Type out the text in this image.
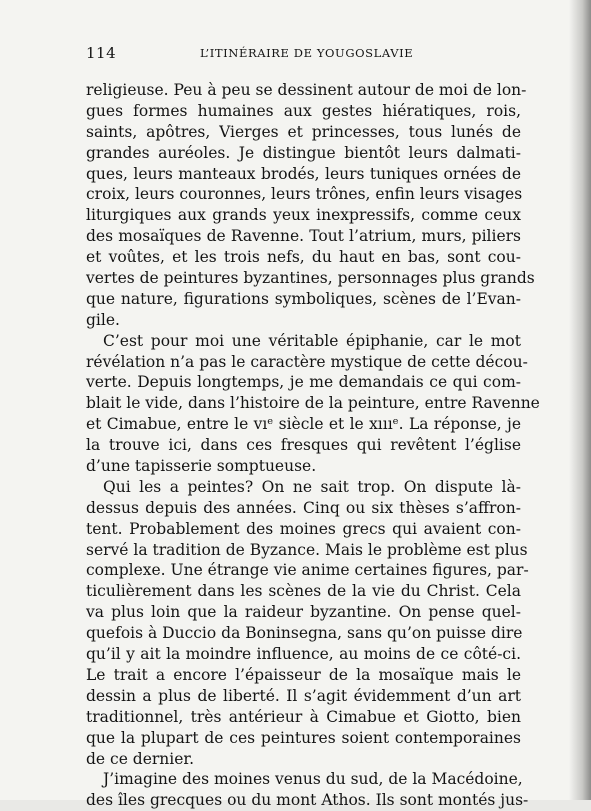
114	L’ITINÉRAIRE DE YOUGOSLAVIE
religieuse. Peu à peu se dessinent autour de moi de lon-
gues formes humaines aux gestes hiératiques, rois,
saints, apôtres, Vierges et princesses, tous lunés de
grandes auréoles. Je distingue bientôt leurs dalmati-
ques, leurs manteaux brodés, leurs tuniques ornées de
croix, leurs couronnes, leurs trônes, enfin leurs visages
liturgiques aux grands yeux inexpressifs, comme ceux
des mosaïques de Ravenne. Tout l’atrium, murs, piliers
et voûtes, et les trois nefs, du haut en bas, sont cou-
vertes de peintures byzantines, personnages plus grands
que nature, figurations symboliques, scènes de l’Evan-
gile.
C’est pour moi une véritable épiphanie, car le mot
révélation n’a pas le caractère mystique de cette décou-
verte. Depuis longtemps, je me demandais ce qui com-
blait le vide, dans l’histoire de la peinture, entre Ravenne
et Cimabue, entre le vıᵉ siècle et le xıııᵉ. La réponse, je
la trouve ici, dans ces fresques qui revêtent l’église
d’une tapisserie somptueuse.
Qui les a peintes? On ne sait trop. On dispute là-
dessus depuis des années. Cinq ou six thèses s’affron-
tent. Probablement des moines grecs qui avaient con-
servé la tradition de Byzance. Mais le problème est plus
complexe. Une étrange vie anime certaines figures, par-
ticulièrement dans les scènes de la vie du Christ. Cela
va plus loin que la raideur byzantine. On pense quel-
quefois à Duccio da Boninsegna, sans qu’on puisse dire
qu’il y ait la moindre influence, au moins de ce côté-ci.
Le trait a encore l’épaisseur de la mosaïque mais le
dessin a plus de liberté. Il s’agit évidemment d’un art
traditionnel, très antérieur à Cimabue et Giotto, bien
que la plupart de ces peintures soient contemporaines
de ce dernier.
J’imagine des moines venus du sud, de la Macédoine,
des îles grecques ou du mont Athos. Ils sont montés jus-
